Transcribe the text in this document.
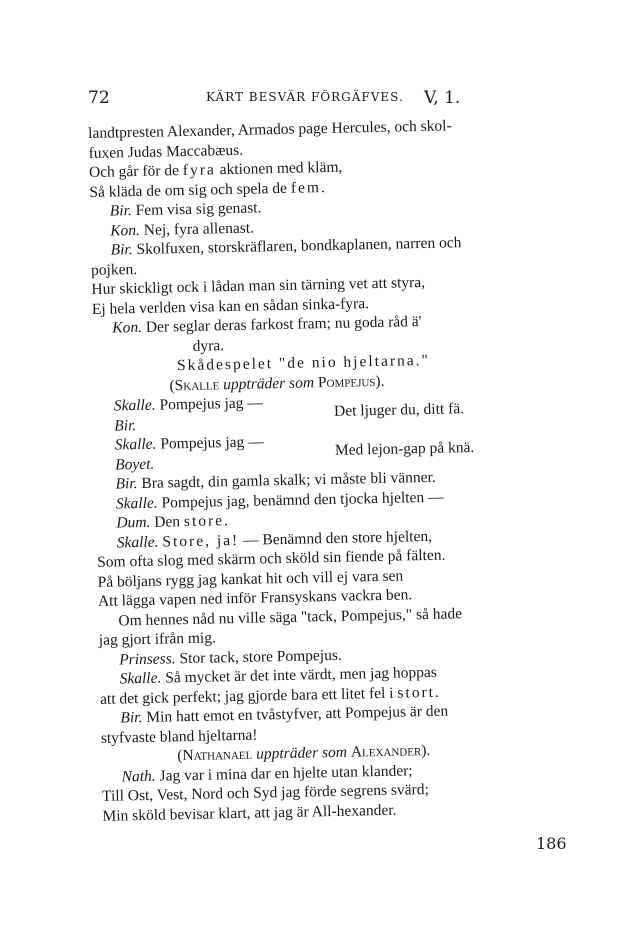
72	KÄRT BESVÄR FÖRGÄFVES. V, 1.
landtpresten Alexander, Armados page Hercules, och skol-
fuxen Judas Maccabæus.
Och går för de fyra aktionen med kläm,
Så kläda de om sig och spela de fem.
Bir. Fem visa sig genast.
Kon. Nej, fyra allenast.
Bir. Skolfuxen, storskräflaren, bondkaplanen, narren och
pojken.
Hur skickligt ock i lådan man sin tärning vet att styra,
Ej hela verlden visa kan en sådan sinka-fyra.
Kon. Der seglar deras farkost fram; nu goda råd ä'
dyra.
Skådespelet "de nio hjeltarna."
(Skalle uppträder som Pompejus).
Skalle. Pompejus jag —
Bir.
Det ljuger du, ditt fä.
Skalle. Pompejus jag —
Boyet.
Med lejon-gap på knä.
Bir. Bra sagdt, din gamla skalk; vi måste bli vänner.
Skalle. Pompejus jag, benämnd den tjocka hjelten —
Dum. Den store.
Skalle. Store, ja! — Benämnd den store hjelten,
Som ofta slog med skärm och sköld sin fiende på fälten.
På böljans rygg jag kankat hit och vill ej vara sen
Att lägga vapen ned inför Fransyskans vackra ben.
Om hennes nåd nu ville säga "tack, Pompejus," så hade
jag gjort ifrån mig.
Prinsess. Stor tack, store Pompejus.
Skalle. Så mycket är det inte värdt, men jag hoppas
att det gick perfekt; jag gjorde bara ett litet fel i stort.
Bir. Min hatt emot en tvåstyfver, att Pompejus är den
styfvaste bland hjeltarna!
(Nathanael uppträder som Alexander).
Nath. Jag var i mina dar en hjelte utan klander;
Till Ost, Vest, Nord och Syd jag förde segrens svärd;
Min sköld bevisar klart, att jag är All-hexander.
186
